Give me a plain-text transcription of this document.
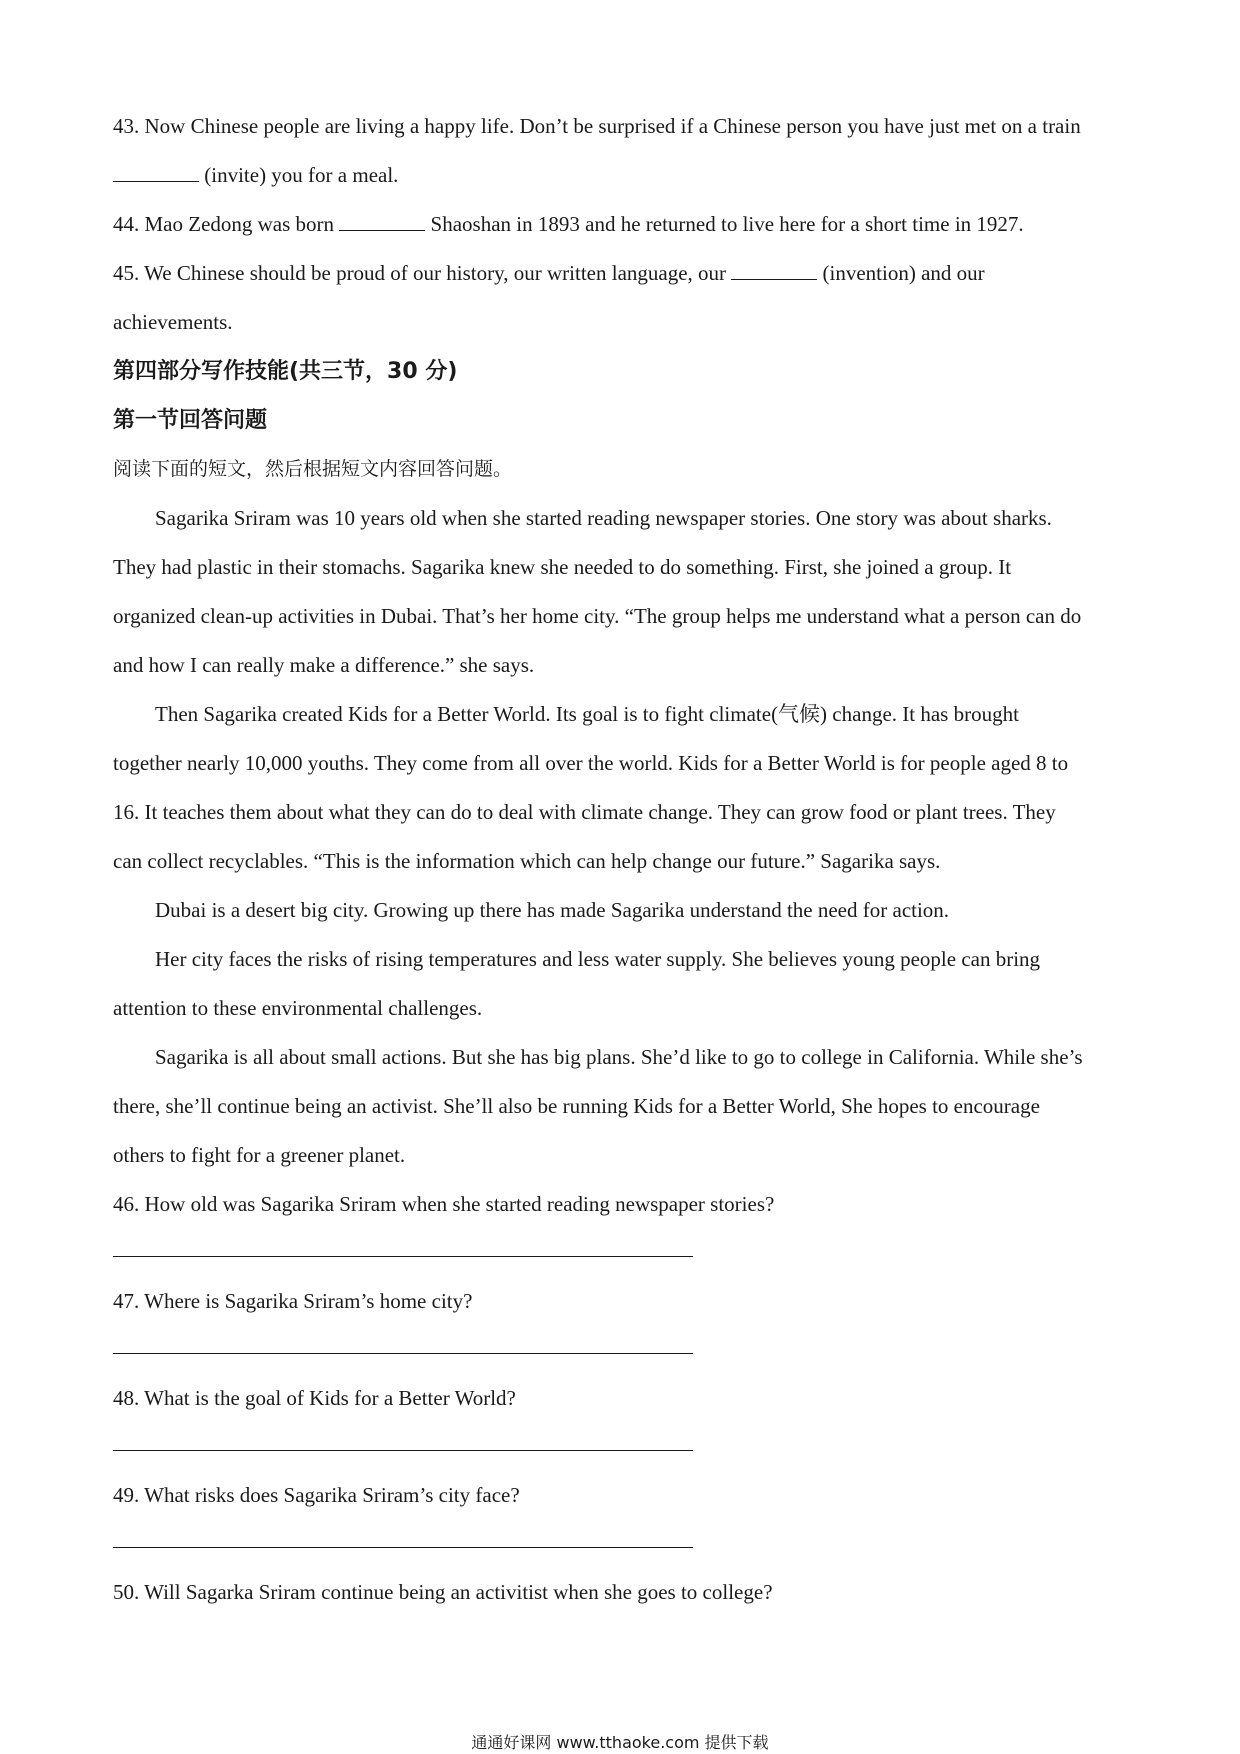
43. Now Chinese people are living a happy life. Don’t be surprised if a Chinese person you have just met on a train

(invite) you for a meal.

44. Mao Zedong was born	Shaoshan in 1893 and he returned to live here for a short time in 1927.

45. We Chinese should be proud of our history, our written language, our	(invention) and our

achievements.

第四部分写作技能(共三节，30 分)

第一节回答问题

阅读下面的短文，然后根据短文内容回答问题。

Sagarika Sriram was 10 years old when she started reading newspaper stories. One story was about sharks.

They had plastic in their stomachs. Sagarika knew she needed to do something. First, she joined a group. It

organized clean-up activities in Dubai. That’s her home city. “The group helps me understand what a person can do

and how I can really make a difference.” she says.

Then Sagarika created Kids for a Better World. Its goal is to fight climate(气候) change. It has brought

together nearly 10,000 youths. They come from all over the world. Kids for a Better World is for people aged 8 to

16. It teaches them about what they can do to deal with climate change. They can grow food or plant trees. They

can collect recyclables. “This is the information which can help change our future.” Sagarika says.

Dubai is a desert big city. Growing up there has made Sagarika understand the need for action.

Her city faces the risks of rising temperatures and less water supply. She believes young people can bring

attention to these environmental challenges.

Sagarika is all about small actions. But she has big plans. She’d like to go to college in California. While she’s

there, she’ll continue being an activist. She’ll also be running Kids for a Better World, She hopes to encourage

others to fight for a greener planet.

46. How old was Sagarika Sriram when she started reading newspaper stories?

47. Where is Sagarika Sriram’s home city?

48. What is the goal of Kids for a Better World?

49. What risks does Sagarika Sriram’s city face?

50. Will Sagarka Sriram continue being an activitist when she goes to college?

通通好课网 www.tthaoke.com 提供下载
